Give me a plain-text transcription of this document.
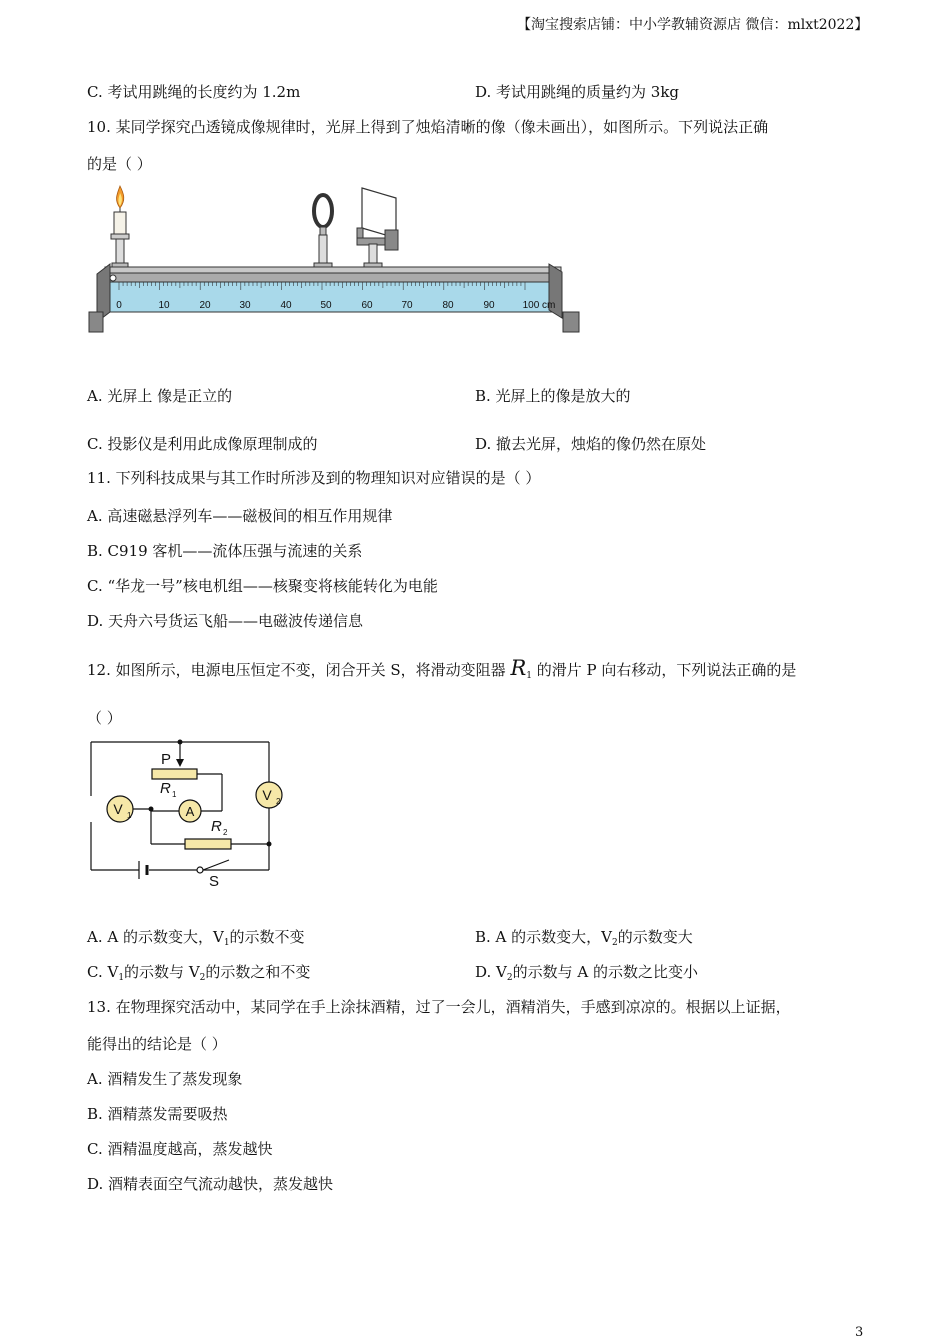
【淘宝搜索店铺：中小学教辅资源店 微信：mlxt2022】
C. 考试用跳绳的长度约为 1.2m	D. 考试用跳绳的质量约为 3kg
10. 某同学探究凸透镜成像规律时，光屏上得到了烛焰清晰的像（像未画出），如图所示。下列说法正确
的是（ ）
0	10	20	30	40	50	60	70	80	90	100 cm
A. 光屏上 像是正立的	B. 光屏上的像是放大的
C. 投影仪是利用此成像原理制成的	D. 撤去光屏，烛焰的像仍然在原处
11. 下列科技成果与其工作时所涉及到的物理知识对应错误的是（ ）
A. 高速磁悬浮列车——磁极间的相互作用规律
B. C919 客机——流体压强与流速的关系
C. “华龙一号”核电机组——核聚变将核能转化为电能
D. 天舟六号货运飞船——电磁波传递信息
12. 如图所示，电源电压恒定不变，闭合开关 S，将滑动变阻器 $R_1$ 的滑片 P 向右移动，下列说法正确的是
（ ）
A
V 1
V 2
P
R 1
R 2
S
A. A 的示数变大，$V_1$的示数不变	B. A 的示数变大，$V_2$的示数变大
C. $V_1$的示数与 $V_2$的示数之和不变	D. $V_2$的示数与 A 的示数之比变小
13. 在物理探究活动中，某同学在手上涂抹酒精，过了一会儿，酒精消失，手感到凉凉的。根据以上证据，
能得出的结论是（ ）
A. 酒精发生了蒸发现象
B. 酒精蒸发需要吸热
C. 酒精温度越高，蒸发越快
D. 酒精表面空气流动越快，蒸发越快
3
